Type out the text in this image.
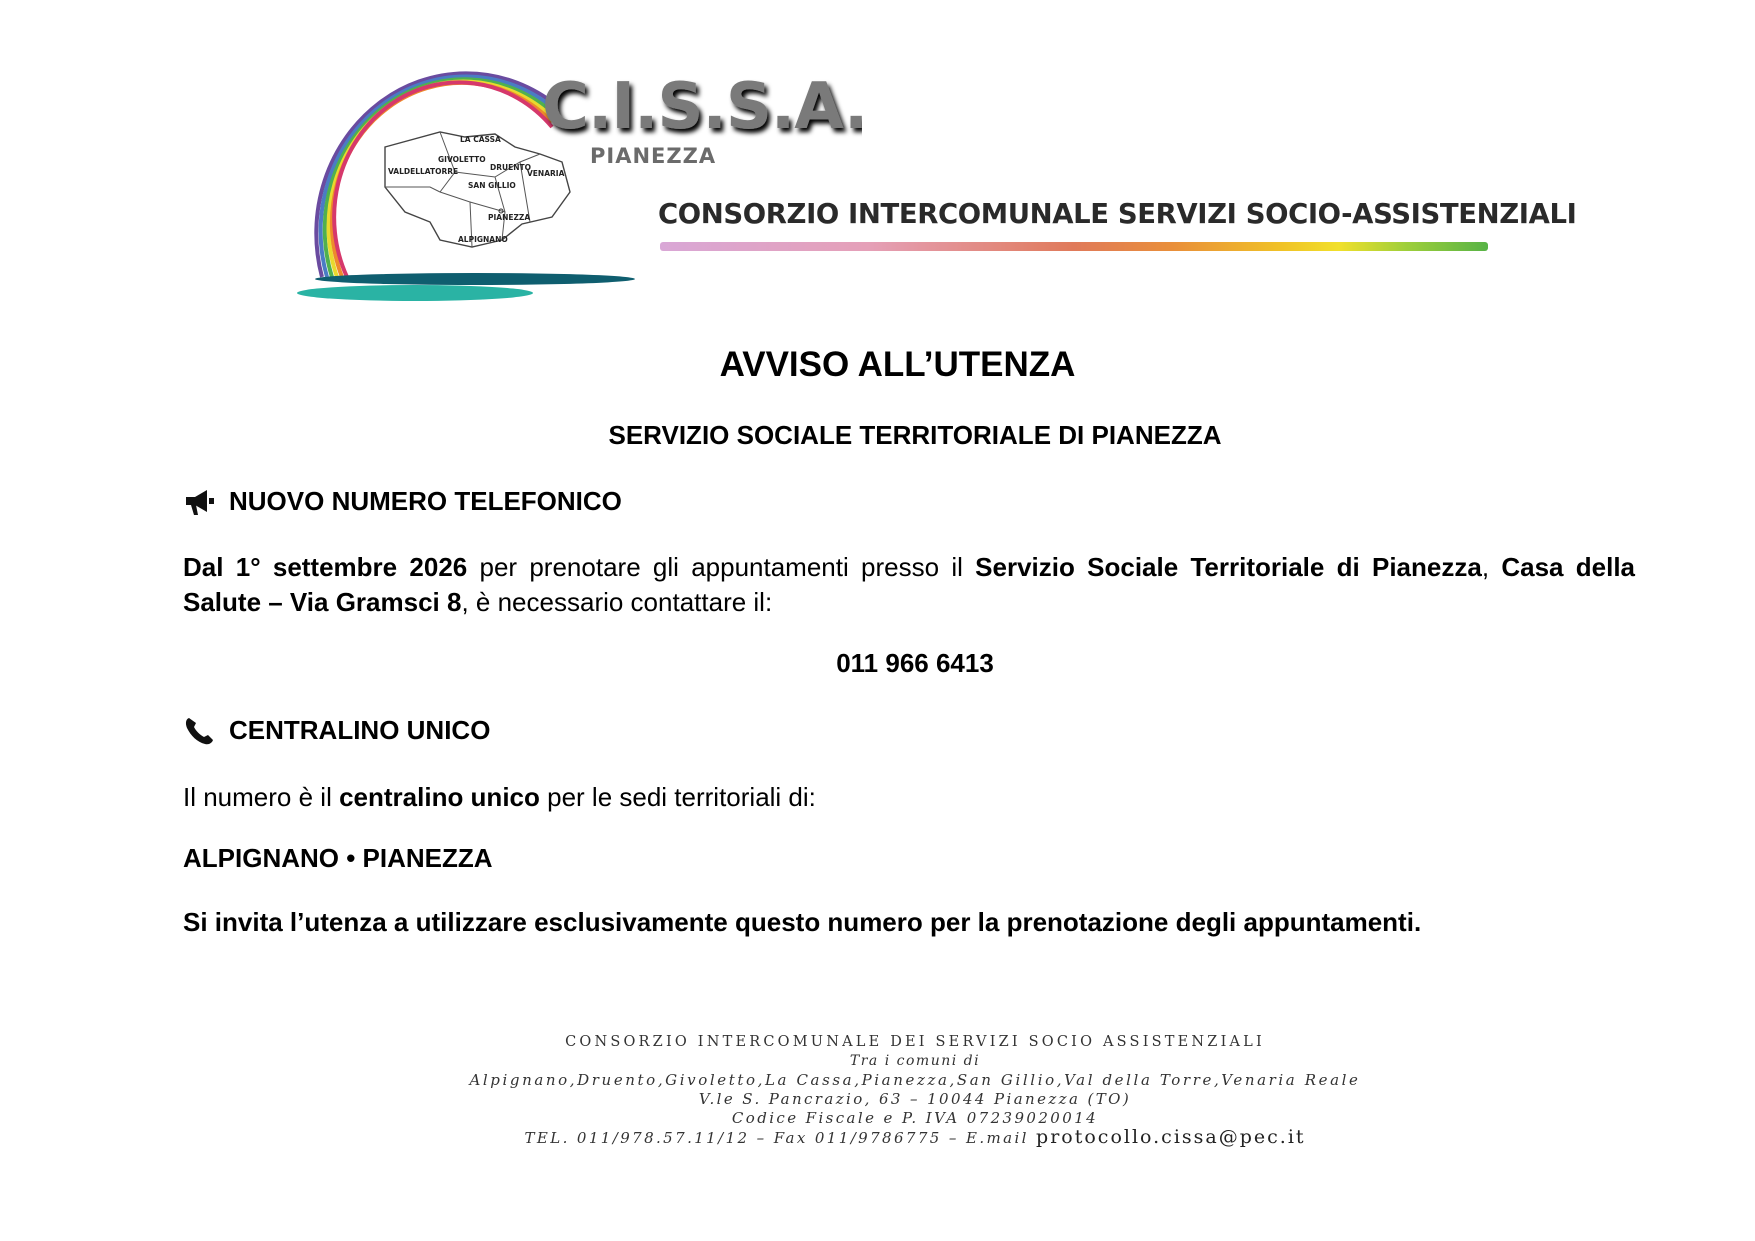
LA CASSA
GIVOLETTO
DRUENTO
VENARIA
VALDELLATORRE
SAN GILLIO
PIANEZZA
ALPIGNANO
C.I.S.S.A.
PIANEZZA
CONSORZIO INTERCOMUNALE SERVIZI SOCIO-ASSISTENZIALI
AVVISO ALL’UTENZA
SERVIZIO SOCIALE TERRITORIALE DI PIANEZZA
NUOVO NUMERO TELEFONICO
Dal 1° settembre 2026 per prenotare gli appuntamenti presso il Servizio Sociale Territoriale di Pianezza, Casa della Salute – Via Gramsci 8, è necessario contattare il:
011 966 6413
CENTRALINO UNICO
Il numero è il centralino unico per le sedi territoriali di:
ALPIGNANO • PIANEZZA
Si invita l’utenza a utilizzare esclusivamente questo numero per la prenotazione degli appuntamenti.
CONSORZIO INTERCOMUNALE DEI SERVIZI SOCIO ASSISTENZIALI
Tra i comuni di
Alpignano,Druento,Givoletto,La Cassa,Pianezza,San Gillio,Val della Torre,Venaria Reale
V.le S. Pancrazio, 63 – 10044 Pianezza (TO)
Codice Fiscale e P. IVA 07239020014
TEL. 011/978.57.11/12 – Fax 011/9786775 – E.mail protocollo.cissa@pec.it
